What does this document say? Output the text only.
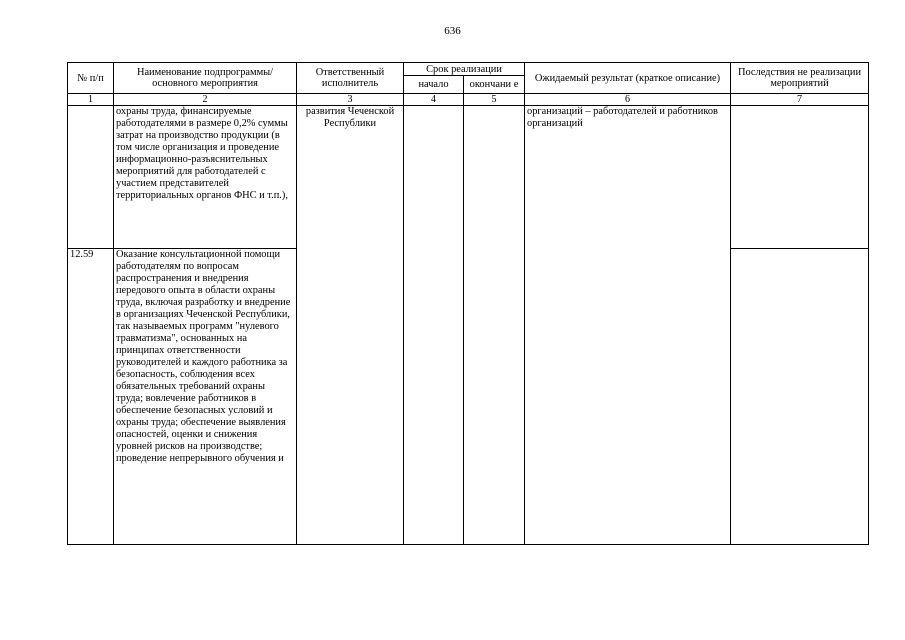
636
№ п/п	Наименование подпрограммы/ основного мероприятия	Ответственный исполнитель	Срок реализации		Ожидаемый результат (краткое описание)	Последствия не реализации мероприятий
			начало	окончани е		
1	2	3	4	5	6	7
	охраны труда, финансируемые работодателями в размере 0,2% суммы затрат на производство продукции (в том числе организация и проведение информационно-разъяснительных мероприятий для работодателей с участием представителей территориальных органов ФНС и т.п.),	развития Чеченской Республики			организаций – работодателей и работников организаций	
12.59	Оказание консультационной помощи работодателям по вопросам распространения и внедрения передового опыта в области охраны труда, включая разработку и внедрение в организациях Чеченской Республики, так называемых программ "нулевого травматизма", основанных на принципах ответственности руководителей и каждого работника за безопасность, соблюдения всех обязательных требований охраны труда; вовлечение работников в обеспечение безопасных условий и охраны труда; обеспечение выявления опасностей, оценки и снижения уровней рисков на производстве; проведение непрерывного обучения и					
